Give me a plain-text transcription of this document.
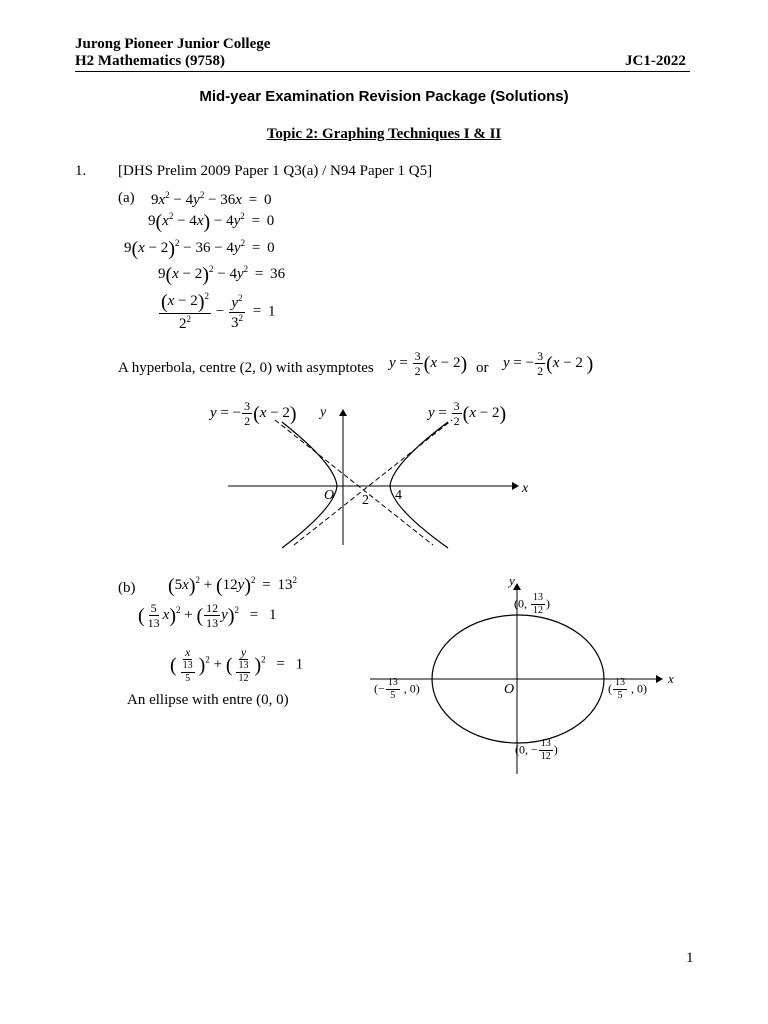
Jurong Pioneer Junior College
H2 Mathematics (9758)	JC1-2022
Mid-year Examination Revision Package (Solutions)
Topic 2: Graphing Techniques I & II
1. [DHS Prelim 2009 Paper 1 Q3(a) / N94 Paper 1 Q5]
(a) $9x^2 - 4y^2 - 36x = 0$
$9(x^2 - 4x) - 4y^2 = 0$
$9(x - 2)^2 - 36 - 4y^2 = 0$
$9(x - 2)^2 - 4y^2 = 36$
$\frac{(x - 2)^2}{2^2} - \frac{y^2}{3^2} = 1$
A hyperbola, centre (2, 0) with asymptotes $y = \frac{3}{2} (x - 2)$ or y = − $\frac{3}{2} (x - 2$ )
y = − $\frac{3}{2} (x - 2)$	$y = \frac{3}{2} (x - 2)$
y
x
O 2 4
(b) $(5x)^2 + (12y)^2 = 13^2$
( $\frac{5}{13} x)^2$ + ( $\frac{12}{13} y)^2 = 1$
( $\frac{x}{\frac{13}{5}} )^2$ + ( $\frac{y}{\frac{13}{12}} )^2 = 1$
An ellipse with entre (0, 0)
y
x
O
(0, $\frac{13}{12}$ )
(0, − $\frac{13}{12}$ )
(− $\frac{13}{5}$ , 0)	( $\frac{13}{5}$ , 0)
1
